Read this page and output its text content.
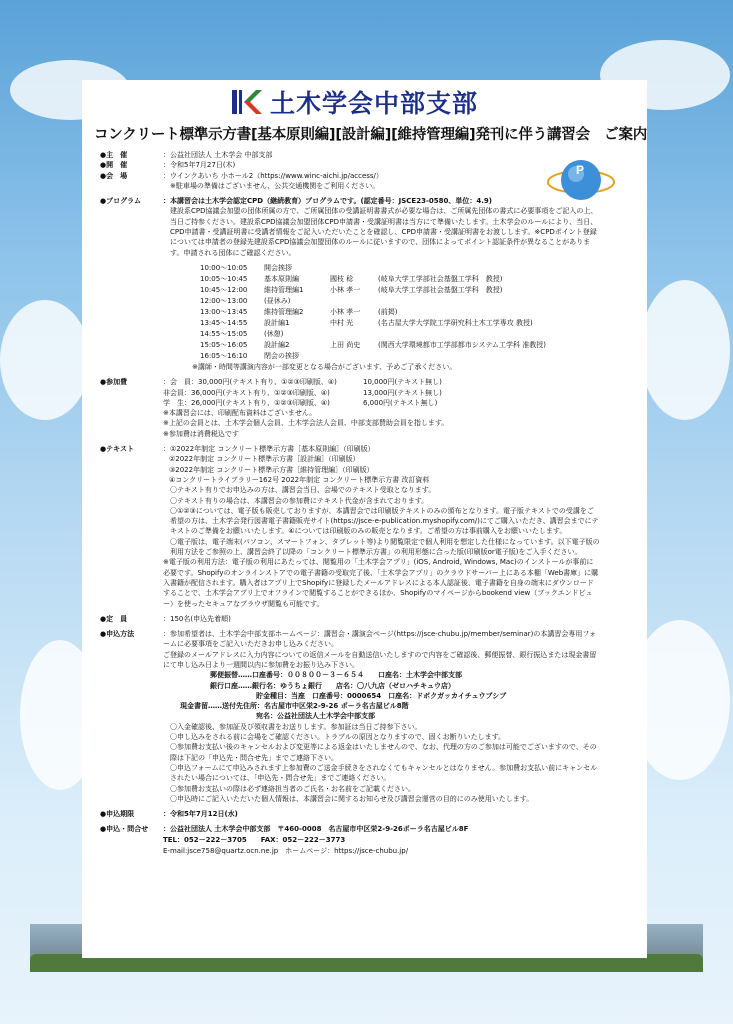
土木学会中部支部
コンクリート標準示方書[基本原則編][設計編][維持管理編]発刊に伴う講習会　ご案内
P
●主　催	：公益社団法人 土木学会 中部支部
●開　催	：令和5年7月27日(木)
●会　場	：ウインクあいち 小ホール2（https://www.winc-aichi.jp/access/）
※駐車場の準備はございません、公共交通機関をご利用ください。
●プログラム	：本講習会は土木学会認定CPD（継続教育）プログラムです。(認定番号：JSCE23-0580、単位：4.9)
建設系CPD協議会加盟の団体所属の方で、ご所属団体の受講証明書書式が必要な場合は、ご所属先団体の書式に必要事項をご記入の上、当日ご持参ください。建設系CPD協議会加盟団体CPD申請書・受講証明書は当方にて準備いたします。土木学会のルールにより、当日、CPD申請書・受講証明書に受講者情報をご記入いただいたことを確認し、CPD申請書・受講証明書をお渡しします。※CPDポイント登録については申請者の登録先建設系CPD協議会加盟団体のルールに従いますので、団体によってポイント認証条件が異なることがあります。申請される団体にご確認ください。
10:00～10:05	開会挨拶
10:05～10:45	基本原則編	國枝 稔	(岐阜大学工学部社会基盤工学科　教授)
10:45～12:00	維持管理編1	小林 孝一	(岐阜大学工学部社会基盤工学科　教授)
12:00～13:00	(昼休み)
13:00～13:45	維持管理編2	小林 孝一	(前掲)
13:45～14:55	設計編1	中村 光	(名古屋大学大学院工学研究科土木工学専攻 教授)
14:55～15:05	(休憩)
15:05～16:05	設計編2	上田 尚史	(関西大学環境都市工学部都市システム工学科 准教授)
16:05～16:10	閉会の挨拶
※講師・時間等講演内容が一部変更となる場合がございます、予めご了承ください。
●参加費	：会　員：30,000円(テキスト有り、①②③印刷版、④)	10,000円(テキスト無し)
非会員：36,000円(テキスト有り、①②③印刷版、④)	13,000円(テキスト無し)
学　生：26,000円(テキスト有り、①②③印刷版、④)	6,000円(テキスト無し)
※本講習会には、印刷配布資料はございません。
※上記の会員とは、土木学会個人会員、土木学会法人会員、中部支部賛助会員を指します。
※参加費は消費税込です
●テキスト	：①2022年制定 コンクリート標準示方書［基本原則編］（印刷版）
②2022年制定 コンクリート標準示方書［設計編］（印刷版）
③2022年制定 コンクリート標準示方書［維持管理編］（印刷版）
④コンクリートライブラリー162号 2022年制定 コンクリート標準示方書 改訂資料
〇テキスト有りでお申込みの方は、講習会当日、会場でのテキスト受取となります。
〇テキスト有りの場合は、本講習会の参加費にテキスト代金が含まれております。
〇①②③については、電子版も販売しておりますが、本講習会では印刷版テキストのみの頒布となります。電子版テキストでの受講をご希望の方は、土木学会発行図書電子書籍販売サイト(https://jsce-e-publication.myshopify.com/)にてご購入いただき、講習会までにテキストのご準備をお願いいたします。④については印刷版のみの販売となります。ご希望の方は事前購入をお願いいたします。
〇電子版は、電子端末(パソコン、スマートフォン、タブレット等)より閲覧限定で個人利用を想定した仕様になっています。以下電子版の利用方法をご参照の上、講習会終了以降の「コンクリート標準示方書」の利用形態に合った版(印刷版or電子版)をご入手ください。
※電子版の利用方法：電子版の利用にあたっては、閲覧用の「土木学会アプリ」(iOS, Android, Windows, Mac)のインストールが事前に必要です。Shopifyのオンラインストアでの電子書籍の受取完了後、「土木学会アプリ」のクラウドサーバー上にある本棚「Web書庫」に購入書籍が配信されます。購入者はアプリ上でShopifyに登録したメールアドレスによる本人認証後、電子書籍を自身の端末にダウンロードすることで、土木学会アプリ上でオフラインで閲覧することができるほか、Shopifyのマイページからbookend view（ブックエンドビュー）を使ったセキュアなブラウザ閲覧も可能です。
●定　員	：150名(申込先着順)
●申込方法	：参加希望者は、土木学会中部支部ホームページ：講習会・講演会ページ(https://jsce-chubu.jp/member/seminar)の本講習会専用フォームに必要事項をご記入いただきお申し込みください。
ご登録のメールアドレスに入力内容についての返信メールを自動送信いたしますので内容をご確認後、郵便振替、銀行振込または現金書留にて申し込み日より一週間以内に参加費をお振り込み下さい。
郵便振替……口座番号：００８００－３－６５４　　口座名：土木学会中部支部
銀行口座……銀行名：ゆうちょ銀行　　店名：〇八九店（ゼロハチキュウ店）
貯金種目：当座　口座番号：0000654　口座名：ドボクガッカイチュウブシブ
現金書留……送付先住所：名古屋市中区栄2-9-26 ポーラ名古屋ビル8階
宛名：公益社団法人土木学会中部支部
〇入金確認後、参加証及び領収書をお送りします。参加証は当日ご持参下さい。
〇申し込みをされる前に会場をご確認ください。トラブルの原因となりますので、固くお断りいたします。
〇参加費お支払い後のキャンセルおよび変更等による返金はいたしませんので、なお、代理の方のご参加は可能でございますので、その際は下記の「申込先・問合せ先」までご連絡下さい。
〇申込フォームにて申込みされます上参加費のご送金手続きをされなくてもキャンセルとはなりません。参加費お支払い前にキャンセルされたい場合については、「申込先・問合せ先」までご連絡ください。
〇参加費お支払いの際は必ず連絡担当者のご氏名・お名前をご記載ください。
〇申込時にご記入いただいた個人情報は、本講習会に関するお知らせ及び講習会運営の目的にのみ使用いたします。
●申込期限	：令和5年7月12日(水)
●申込・問合せ	：公益社団法人 土木学会中部支部　〒460-0008　名古屋市中区栄2-9-26ポーラ名古屋ビル8F
TEL：052－222－3705　　FAX：052－222－3773
E-mail:jsce758@quartz.ocn.ne.jp　ホームページ：https://jsce-chubu.jp/
